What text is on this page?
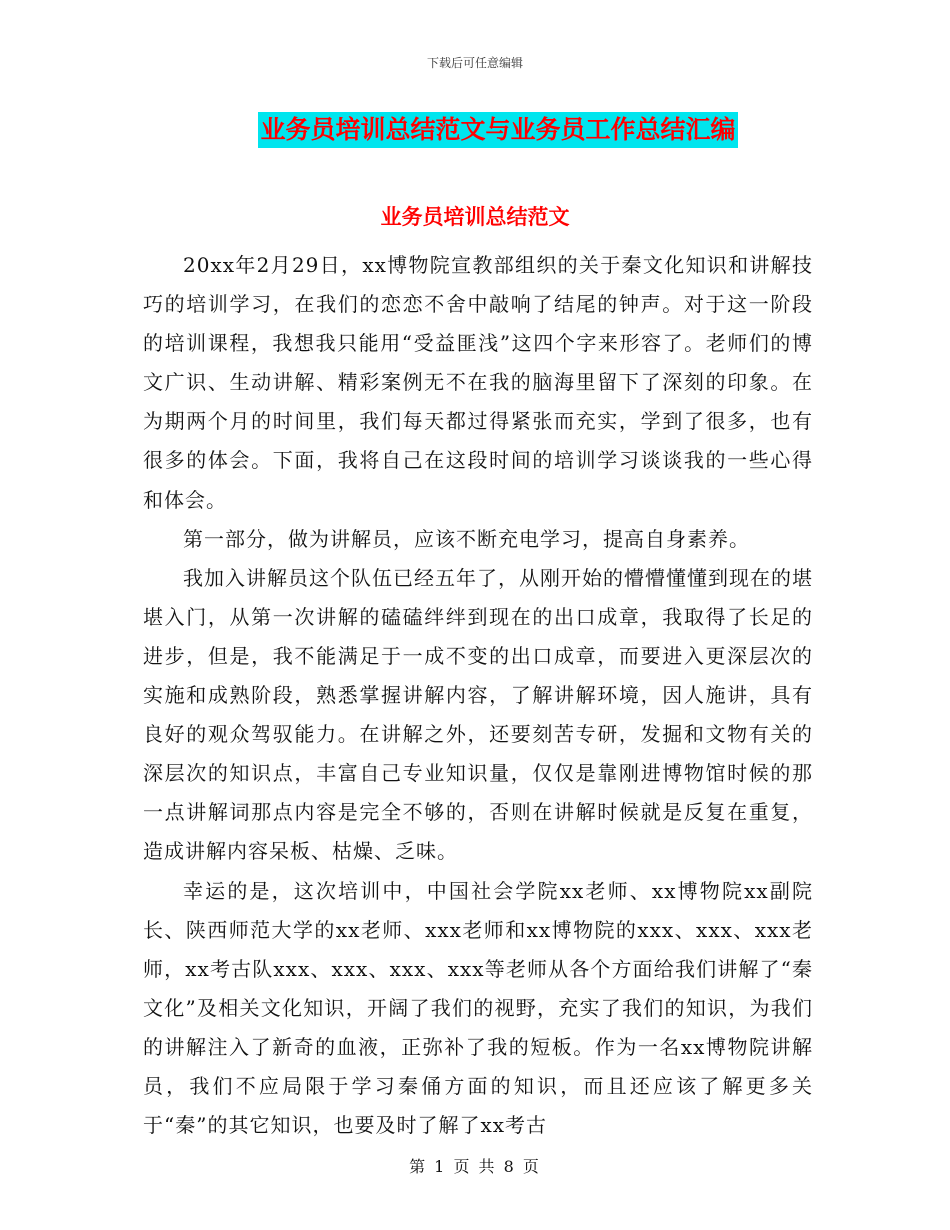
下载后可任意编辑
业务员培训总结范文与业务员工作总结汇编
业务员培训总结范文

20xx年2月29日，xx博物院宣教部组织的关于秦文化知识和讲解技巧的培训学习，在我们的恋恋不舍中敲响了结尾的钟声。对于这一阶段的培训课程，我想我只能用“受益匪浅”这四个字来形容了。老师们的博文广识、生动讲解、精彩案例无不在我的脑海里留下了深刻的印象。在为期两个月的时间里，我们每天都过得紧张而充实，学到了很多，也有很多的体会。下面，我将自己在这段时间的培训学习谈谈我的一些心得和体会。

第一部分，做为讲解员，应该不断充电学习，提高自身素养。

我加入讲解员这个队伍已经五年了，从刚开始的懵懵懂懂到现在的堪堪入门，从第一次讲解的磕磕绊绊到现在的出口成章，我取得了长足的进步，但是，我不能满足于一成不变的出口成章，而要进入更深层次的实施和成熟阶段，熟悉掌握讲解内容，了解讲解环境，因人施讲，具有良好的观众驾驭能力。在讲解之外，还要刻苦专研，发掘和文物有关的深层次的知识点，丰富自己专业知识量，仅仅是靠刚进博物馆时候的那一点讲解词那点内容是完全不够的，否则在讲解时候就是反复在重复，造成讲解内容呆板、枯燥、乏味。

幸运的是，这次培训中，中国社会学院xx老师、xx博物院xx副院长、陕西师范大学的xx老师、xxx老师和xx博物院的xxx、xxx、xxx老师，xx考古队xxx、xxx、xxx、xxx等老师从各个方面给我们讲解了“秦文化”及相关文化知识，开阔了我们的视野，充实了我们的知识，为我们的讲解注入了新奇的血液，正弥补了我的短板。作为一名xx博物院讲解员，我们不应局限于学习秦俑方面的知识，而且还应该了解更多关于“秦”的其它知识，也要及时了解了xx考古

第 1 页 共 8 页
